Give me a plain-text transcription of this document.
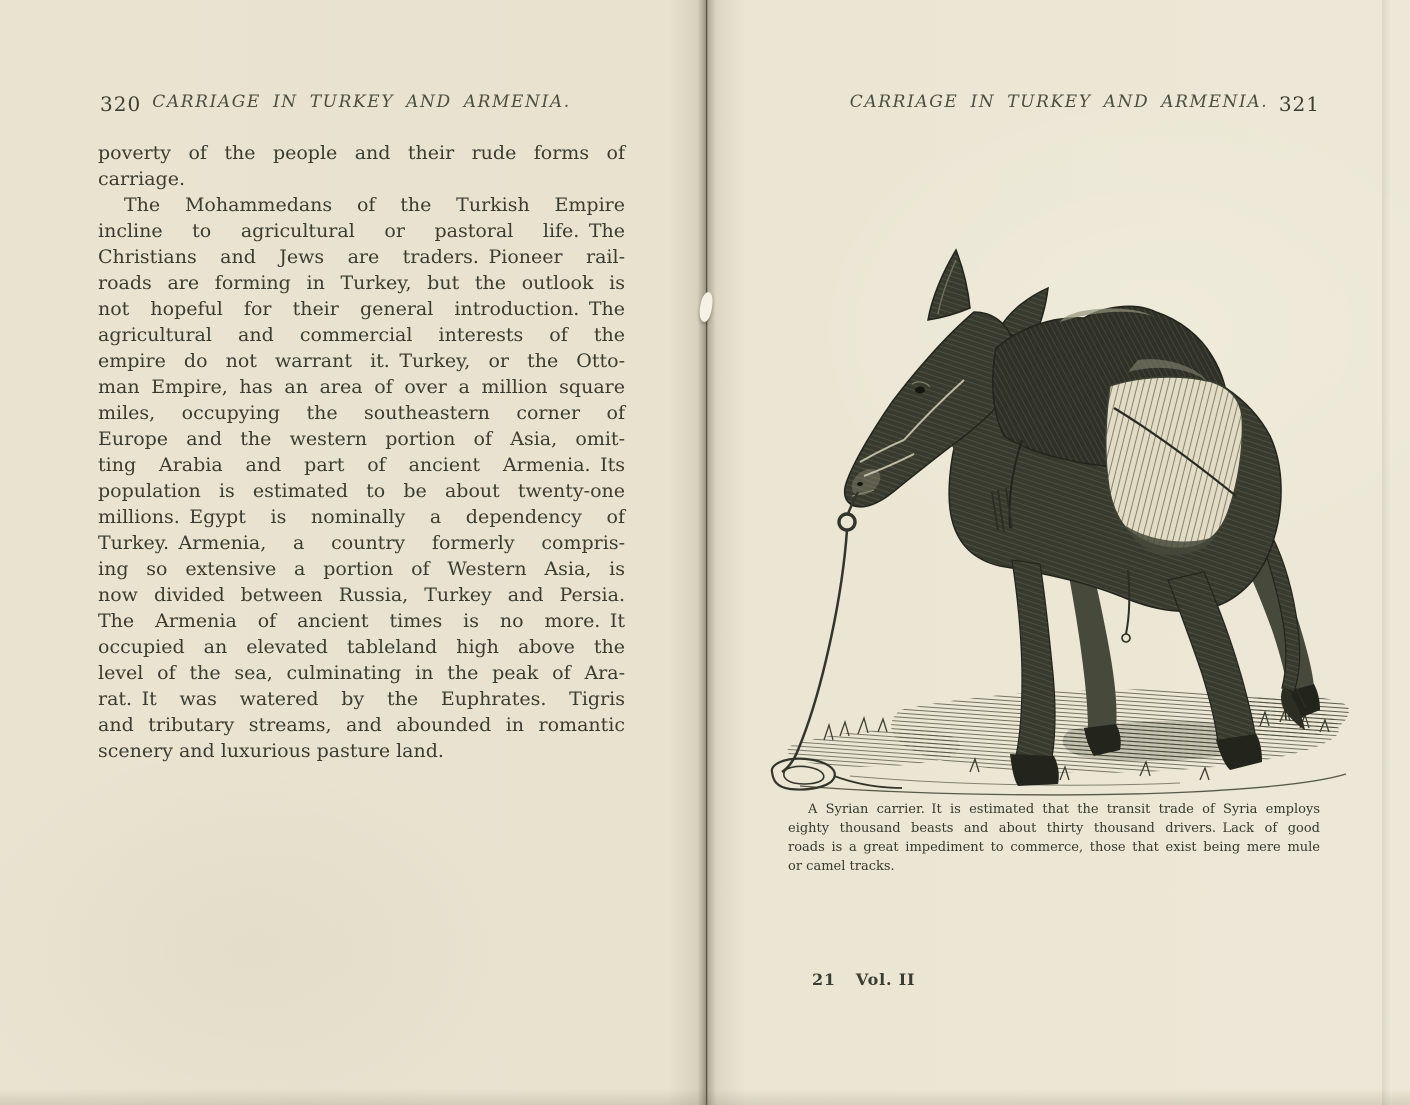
320 CARRIAGE IN TURKEY AND ARMENIA.
poverty of the people and their rude forms of
carriage.
The Mohammedans of the Turkish Empire
incline to agricultural or pastoral life. The
Christians and Jews are traders. Pioneer rail-
roads are forming in Turkey, but the outlook is
not hopeful for their general introduction. The
agricultural and commercial interests of the
empire do not warrant it. Turkey, or the Otto-
man Empire, has an area of over a million square
miles, occupying the southeastern corner of
Europe and the western portion of Asia, omit-
ting Arabia and part of ancient Armenia. Its
population is estimated to be about twenty-one
millions. Egypt is nominally a dependency of
Turkey. Armenia, a country formerly compris-
ing so extensive a portion of Western Asia, is
now divided between Russia, Turkey and Persia.
The Armenia of ancient times is no more. It
occupied an elevated tableland high above the
level of the sea, culminating in the peak of Ara-
rat. It was watered by the Euphrates. Tigris
and tributary streams, and abounded in romantic
scenery and luxurious pasture land.
CARRIAGE IN TURKEY AND ARMENIA. 321
A Syrian carrier. It is estimated that the transit trade of Syria employs
eighty thousand beasts and about thirty thousand drivers. Lack of good
roads is a great impediment to commerce, those that exist being mere mule
or camel tracks.
21 Vol. II
